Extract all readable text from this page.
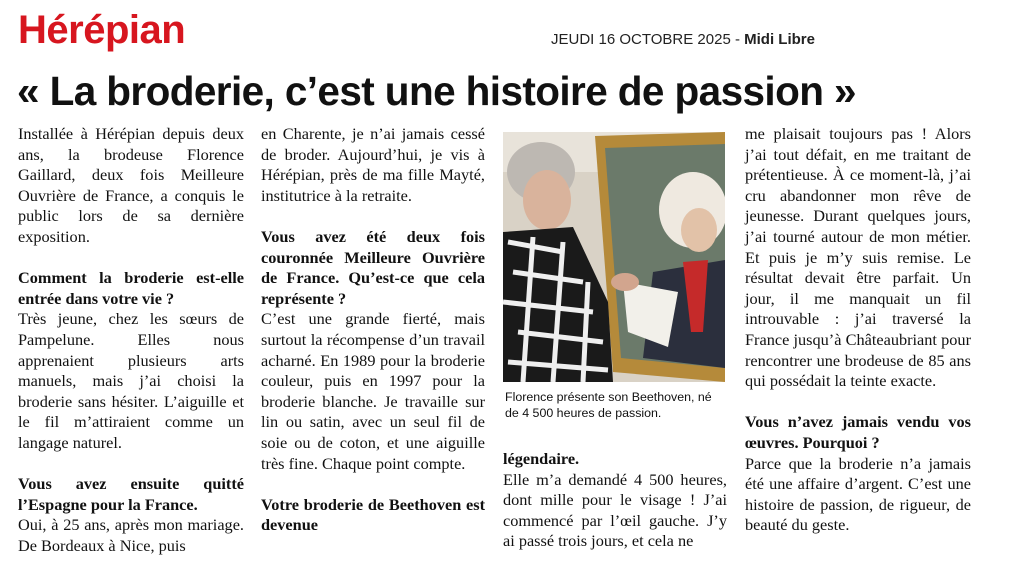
Hérépian	JEUDI 16 OCTOBRE 2025 - Midi Libre
« La broderie, c’est une histoire de passion »

Installée à Hérépian depuis deux ans, la brodeuse Florence Gaillard, deux fois Meilleure Ouvrière de France, a conquis le public lors de sa dernière exposition.

Comment la broderie est-elle entrée dans votre vie ?

Très jeune, chez les sœurs de Pampelune. Elles nous apprenaient plusieurs arts manuels, mais j’ai choisi la broderie sans hésiter. L’aiguille et le fil m’attiraient comme un langage naturel.

Vous avez ensuite quitté l’Espagne pour la France.

Oui, à 25 ans, après mon mariage. De Bordeaux à Nice, puis

en Charente, je n’ai jamais cessé de broder. Aujourd’hui, je vis à Hérépian, près de ma fille Mayté, institutrice à la retraite.

Vous avez été deux fois couronnée Meilleure Ouvrière de France. Qu’est-ce que cela représente ?

C’est une grande fierté, mais surtout la récompense d’un travail acharné. En 1989 pour la broderie couleur, puis en 1997 pour la broderie blanche. Je travaille sur lin ou satin, avec un seul fil de soie ou de coton, et une aiguille très fine. Chaque point compte.

Votre broderie de Beethoven est devenue

Florence présente son Beethoven, né de 4 500 heures de passion.

légendaire.

Elle m’a demandé 4 500 heures, dont mille pour le visage ! J’ai commencé par l’œil gauche. J’y ai passé trois jours, et cela ne

me plaisait toujours pas ! Alors j’ai tout défait, en me traitant de prétentieuse. À ce moment-là, j’ai cru abandonner mon rêve de jeunesse. Durant quelques jours, j’ai tourné autour de mon métier. Et puis je m’y suis remise. Le résultat devait être parfait. Un jour, il me manquait un fil introuvable : j’ai traversé la France jusqu’à Châteaubriant pour rencontrer une brodeuse de 85 ans qui possédait la teinte exacte.

Vous n’avez jamais vendu vos œuvres. Pourquoi ?

Parce que la broderie n’a jamais été une affaire d’argent. C’est une histoire de passion, de rigueur, de beauté du geste.
